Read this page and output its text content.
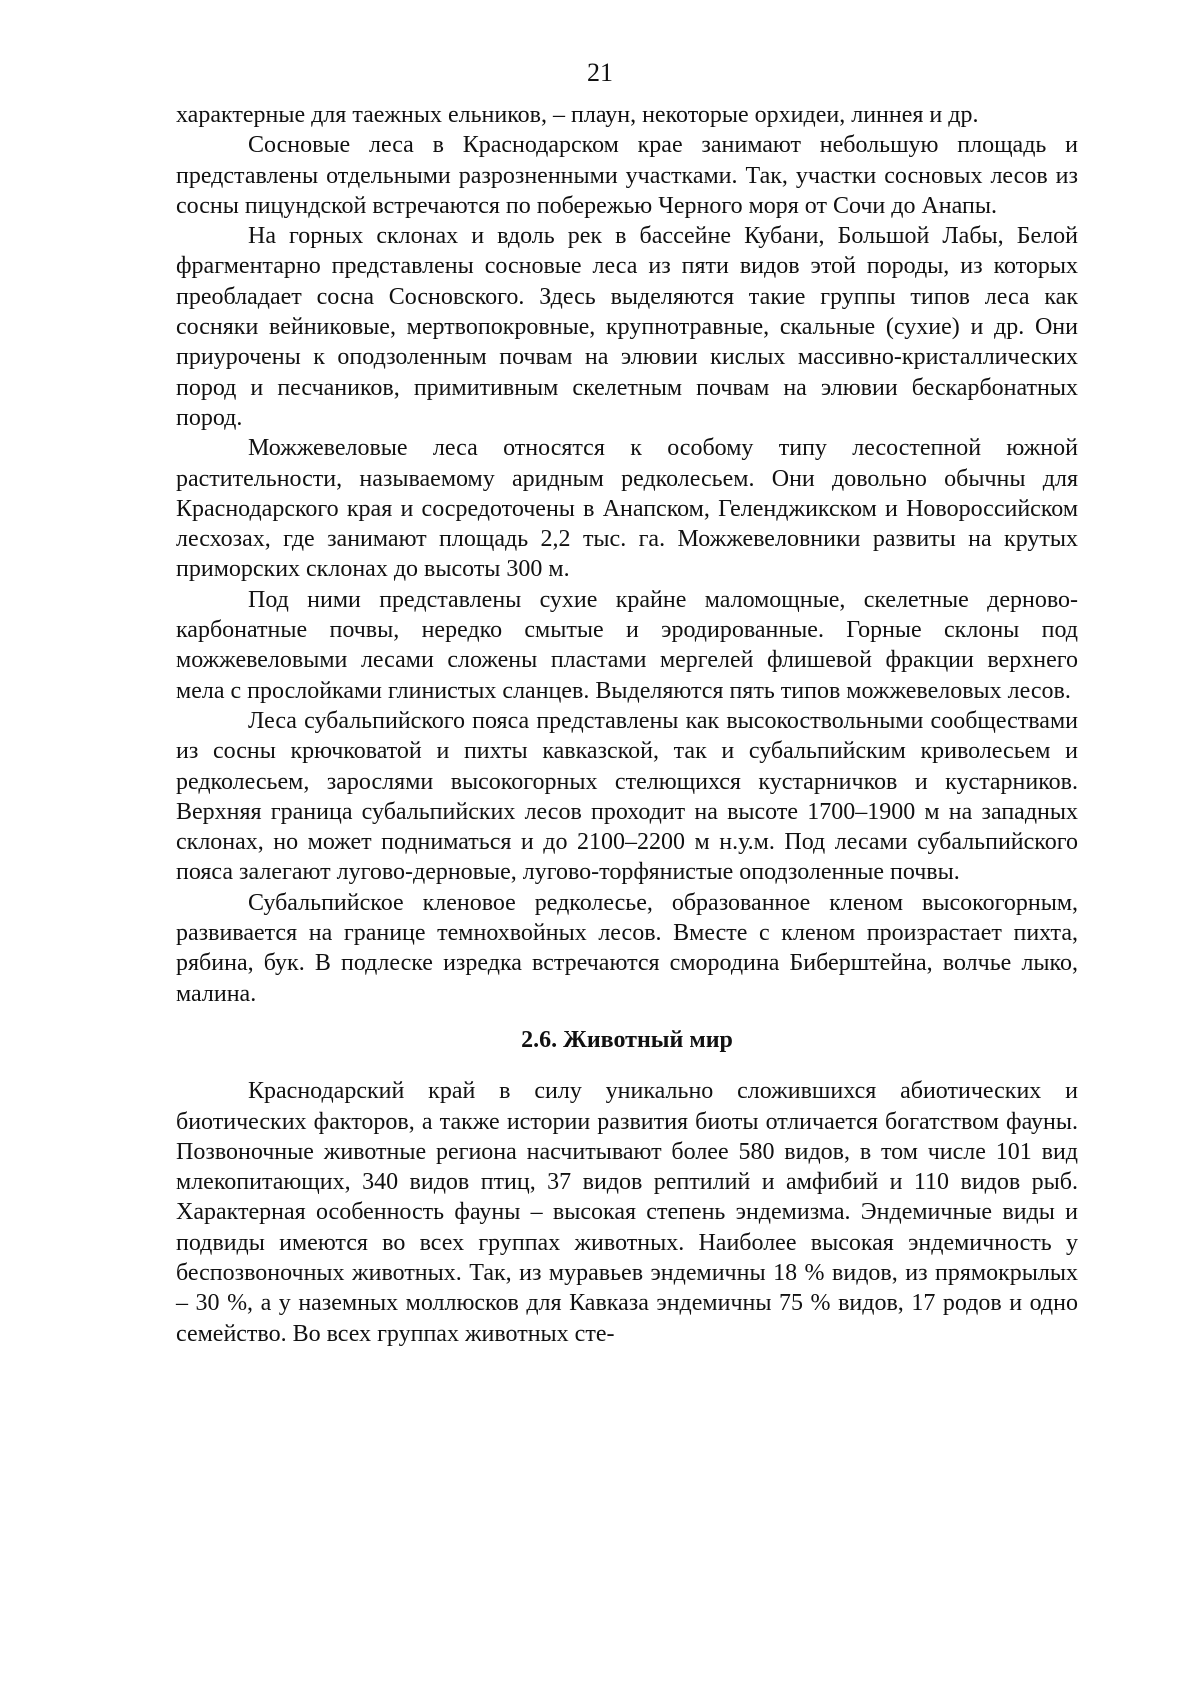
21

характерные для таежных ельников, – плаун, некоторые орхидеи, линнея и др.

Сосновые леса в Краснодарском крае занимают небольшую площадь и представлены отдельными разрозненными участками. Так, участки сосновых лесов из сосны пицундской встречаются по побережью Черного моря от Сочи до Анапы.

На горных склонах и вдоль рек в бассейне Кубани, Большой Лабы, Белой фрагментарно представлены сосновые леса из пяти видов этой породы, из которых преобладает сосна Сосновского. Здесь выделяются такие группы типов леса как сосняки вейниковые, мертвопокровные, крупнотравные, скальные (сухие) и др. Они приурочены к оподзоленным почвам на элювии кислых массивно-кристаллических пород и песчаников, примитивным скелетным почвам на элювии бескарбонатных пород.

Можжевеловые леса относятся к особому типу лесостепной южной растительности, называемому аридным редколесьем. Они довольно обычны для Краснодарского края и сосредоточены в Анапском, Геленджикском и Новороссийском лесхозах, где занимают площадь 2,2 тыс. га. Можжевеловники развиты на крутых приморских склонах до высоты 300 м.

Под ними представлены сухие крайне маломощные, скелетные дерново-карбонатные почвы, нередко смытые и эродированные. Горные склоны под можжевеловыми лесами сложены пластами мергелей флишевой фракции верхнего мела с прослойками глинистых сланцев. Выделяются пять типов можжевеловых лесов.

Леса субальпийского пояса представлены как высокоствольными сообществами из сосны крючковатой и пихты кавказской, так и субальпийским криволесьем и редколесьем, зарослями высокогорных стелющихся кустарничков и кустарников. Верхняя граница субальпийских лесов проходит на высоте 1700–1900 м на западных склонах, но может подниматься и до 2100–2200 м н.у.м. Под лесами субальпийского пояса залегают лугово-дерновые, лугово-торфянистые оподзоленные почвы.

Субальпийское кленовое редколесье, образованное кленом высокогорным, развивается на границе темнохвойных лесов. Вместе с кленом произрастает пихта, рябина, бук. В подлеске изредка встречаются смородина Биберштейна, волчье лыко, малина.

2.6. Животный мир

Краснодарский край в силу уникально сложившихся абиотических и биотических факторов, а также истории развития биоты отличается богатством фауны. Позвоночные животные региона насчитывают более 580 видов, в том числе 101 вид млекопитающих, 340 видов птиц, 37 видов рептилий и амфибий и 110 видов рыб. Характерная особенность фауны – высокая степень эндемизма. Эндемичные виды и подвиды имеются во всех группах животных. Наиболее высокая эндемичность у беспозвоночных животных. Так, из муравьев эндемичны 18 % видов, из прямокрылых – 30 %, а у наземных моллюсков для Кавказа эндемичны 75 % видов, 17 родов и одно семейство. Во всех группах животных сте-
